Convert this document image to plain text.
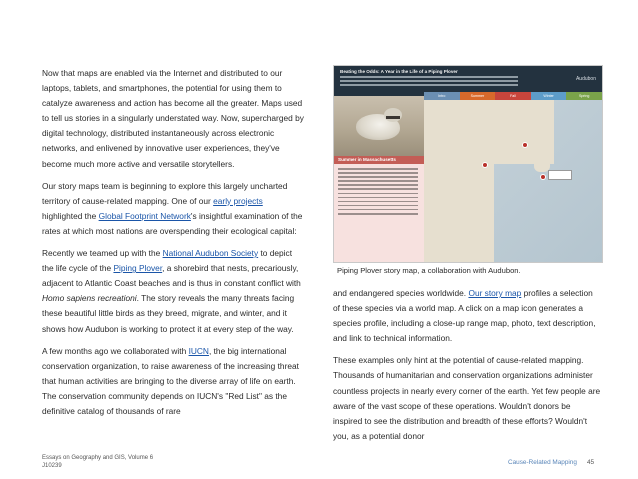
Now that maps are enabled via the Internet and distributed to our laptops, tablets, and smartphones, the potential for using them to catalyze awareness and action has become all the greater. Maps used to tell us stories in a singularly understated way. Now, supercharged by digital technology, distributed instantaneously across electronic networks, and enlivened by innovative user experiences, they've become much more active and versatile storytellers.

Our story maps team is beginning to explore this largely uncharted territory of cause-related mapping. One of our early projects highlighted the Global Footprint Network's insightful examination of the rates at which most nations are overspending their ecological capital:

Recently we teamed up with the National Audubon Society to depict the life cycle of the Piping Plover, a shorebird that nests, precariously, adjacent to Atlantic Coast beaches and is thus in constant conflict with Homo sapiens recreationi. The story reveals the many threats facing these beautiful little birds as they breed, migrate, and winter, and it shows how Audubon is working to protect it at every step of the way.

A few months ago we collaborated with IUCN, the big international conservation organization, to raise awareness of the increasing threat that human activities are bringing to the diverse array of life on earth. The conservation community depends on IUCN's "Red List" as the definitive catalog of thousands of rare

Beating the Odds: A Year in the Life of a Piping Plover
Audubon
Intro	Summer	Fall	Winter	Spring
Summer in Massachusetts
Piping Plover story map, a collaboration with Audubon.

and endangered species worldwide. Our story map profiles a selection of these species via a world map. A click on a map icon generates a species profile, including a close-up range map, photo, text description, and link to technical information.

These examples only hint at the potential of cause-related mapping. Thousands of humanitarian and conservation organizations administer countless projects in nearly every corner of the earth. Yet few people are aware of the vast scope of these operations. Wouldn't donors be inspired to see the distribution and breadth of these efforts? Wouldn't you, as a potential donor

Essays on Geography and GIS, Volume 6
J10239	Cause-Related Mapping 45
